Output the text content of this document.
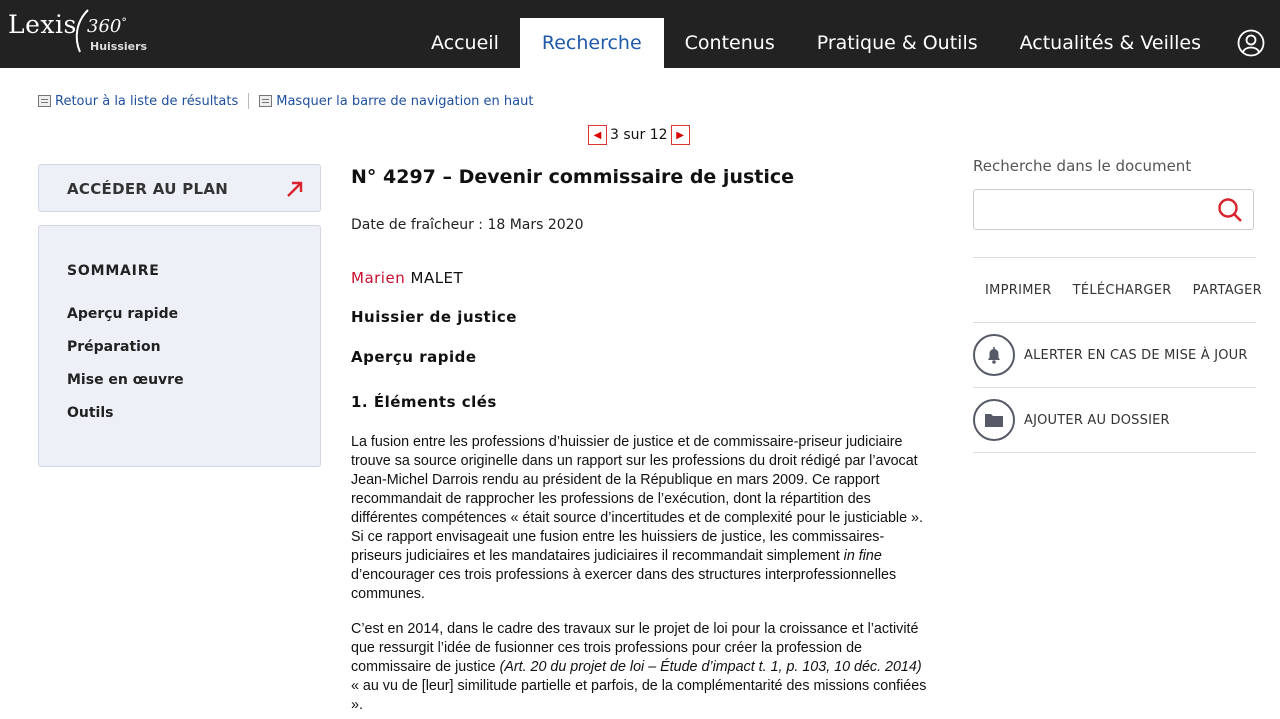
Lexis 360°
Huissiers	Accueil	Recherche	Contenus	Pratique & Outils	Actualités & Veilles
Retour à la liste de résultats	Masquer la barre de navigation en haut
◀ 3 sur 12 ▶
ACCÉDER AU PLAN
SOMMAIRE
Aperçu rapide
Préparation
Mise en œuvre
Outils
N° 4297 – Devenir commissaire de justice
Date de fraîcheur : 18 Mars 2020
Marien MALET
Huissier de justice
Aperçu rapide
1. Éléments clés

La fusion entre les professions d’huissier de justice et de commissaire-priseur judiciaire trouve sa source originelle dans un rapport sur les professions du droit rédigé par l’avocat Jean-Michel Darrois rendu au président de la République en mars 2009. Ce rapport recommandait de rapprocher les professions de l’exécution, dont la répartition des différentes compétences « était source d’incertitudes et de complexité pour le justiciable ». Si ce rapport envisageait une fusion entre les huissiers de justice, les commissaires-priseurs judiciaires et les mandataires judiciaires il recommandait simplement in fine d’encourager ces trois professions à exercer dans des structures interprofessionnelles communes.

C’est en 2014, dans le cadre des travaux sur le projet de loi pour la croissance et l’activité que ressurgit l’idée de fusionner ces trois professions pour créer la profession de commissaire de justice (Art. 20 du projet de loi – Étude d’impact t. 1, p. 103, 10 déc. 2014) « au vu de [leur] similitude partielle et parfois, de la complémentarité des missions confiées ».

Recherche dans le document
IMPRIMER TÉLÉCHARGER PARTAGER
ALERTER EN CAS DE MISE À JOUR
AJOUTER AU DOSSIER
